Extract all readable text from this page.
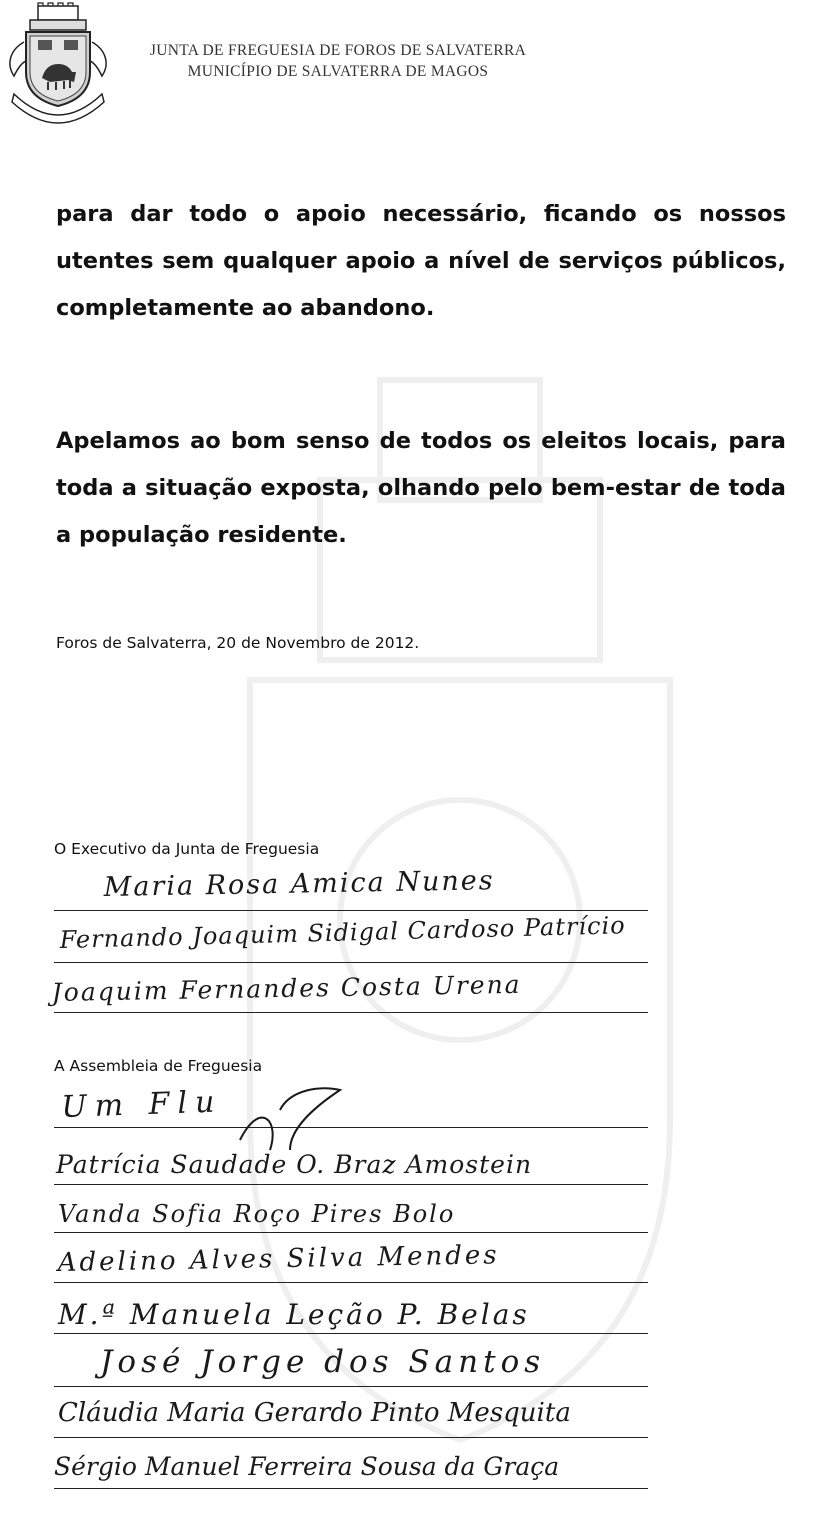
JUNTA DE FREGUESIA DE FOROS DE SALVATERRA
MUNICÍPIO DE SALVATERRA DE MAGOS

para dar todo o apoio necessário, ficando os nossos utentes sem qualquer apoio a nível de serviços públicos, completamente ao abandono.

Apelamos ao bom senso de todos os eleitos locais, para toda a situação exposta, olhando pelo bem-estar de toda a população residente.

Foros de Salvaterra, 20 de Novembro de 2012.
O Executivo da Junta de Freguesia
Maria Rosa Amica Nunes
Fernando Joaquim Sidigal Cardoso Patrício
Joaquim Fernandes Costa Urena
A Assembleia de Freguesia
Um Flu
Patrícia Saudade O. Braz Amostein
Vanda Sofia Roço Pires Bolo
Adelino Alves Silva Mendes
M.ª Manuela Leção P. Belas
José Jorge dos Santos
Cláudia Maria Gerardo Pinto Mesquita
Sérgio Manuel Ferreira Sousa da Graça
